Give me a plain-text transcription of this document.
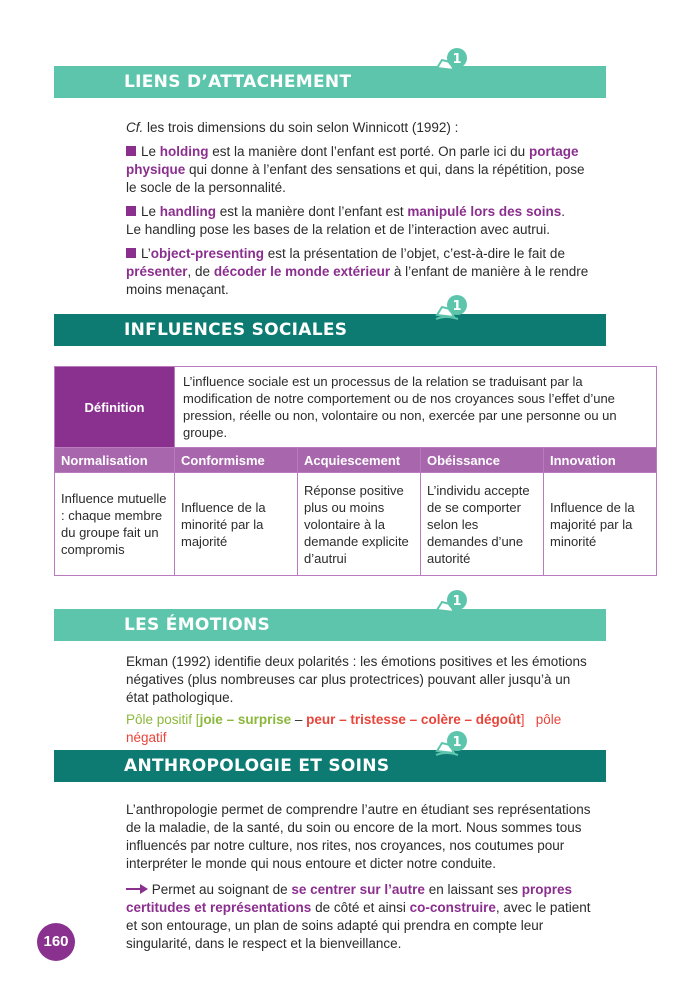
LIENS D’ATTACHEMENT
1

Cf. les trois dimensions du soin selon Winnicott (1992) :

Le holding est la manière dont l’enfant est porté. On parle ici du portage physique qui donne à l’enfant des sensations et qui, dans la répétition, pose le socle de la personnalité.

Le handling est la manière dont l’enfant est manipulé lors des soins.
Le handling pose les bases de la relation et de l’interaction avec autrui.

L’object-presenting est la présentation de l’objet, c’est-à-dire le fait de présenter, de décoder le monde extérieur à l’enfant de manière à le rendre moins menaçant.

INFLUENCES SOCIALES
1
Définition	L’influence sociale est un processus de la relation se traduisant par la modification de notre comportement ou de nos croyances sous l’effet d’une pression, réelle ou non, volontaire ou non, exercée par une personne ou un groupe.			
Normalisation	Conformisme	Acquiescement	Obéissance	Innovation
Influence mutuelle : chaque membre du groupe fait un compromis	Influence de la minorité par la majorité	Réponse positive plus ou moins volontaire à la demande explicite d’autrui	L’individu accepte de se comporter selon les demandes d’une autorité	Influence de la majorité par la minorité
LES ÉMOTIONS
1

Ekman (1992) identifie deux polarités : les émotions positives et les émotions négatives (plus nombreuses car plus protectrices) pouvant aller jusqu’à un état pathologique.

Pôle positif [joie – surprise – peur – tristesse – colère – dégoût] pôle négatif

ANTHROPOLOGIE ET SOINS
1

L’anthropologie permet de comprendre l’autre en étudiant ses représentations de la maladie, de la santé, du soin ou encore de la mort. Nous sommes tous influencés par notre culture, nos rites, nos croyances, nos coutumes pour interpréter le monde qui nous entoure et dicter notre conduite.

Permet au soignant de se centrer sur l’autre en laissant ses propres certitudes et représentations de côté et ainsi co-construire, avec le patient et son entourage, un plan de soins adapté qui prendra en compte leur singularité, dans le respect et la bienveillance.

160
